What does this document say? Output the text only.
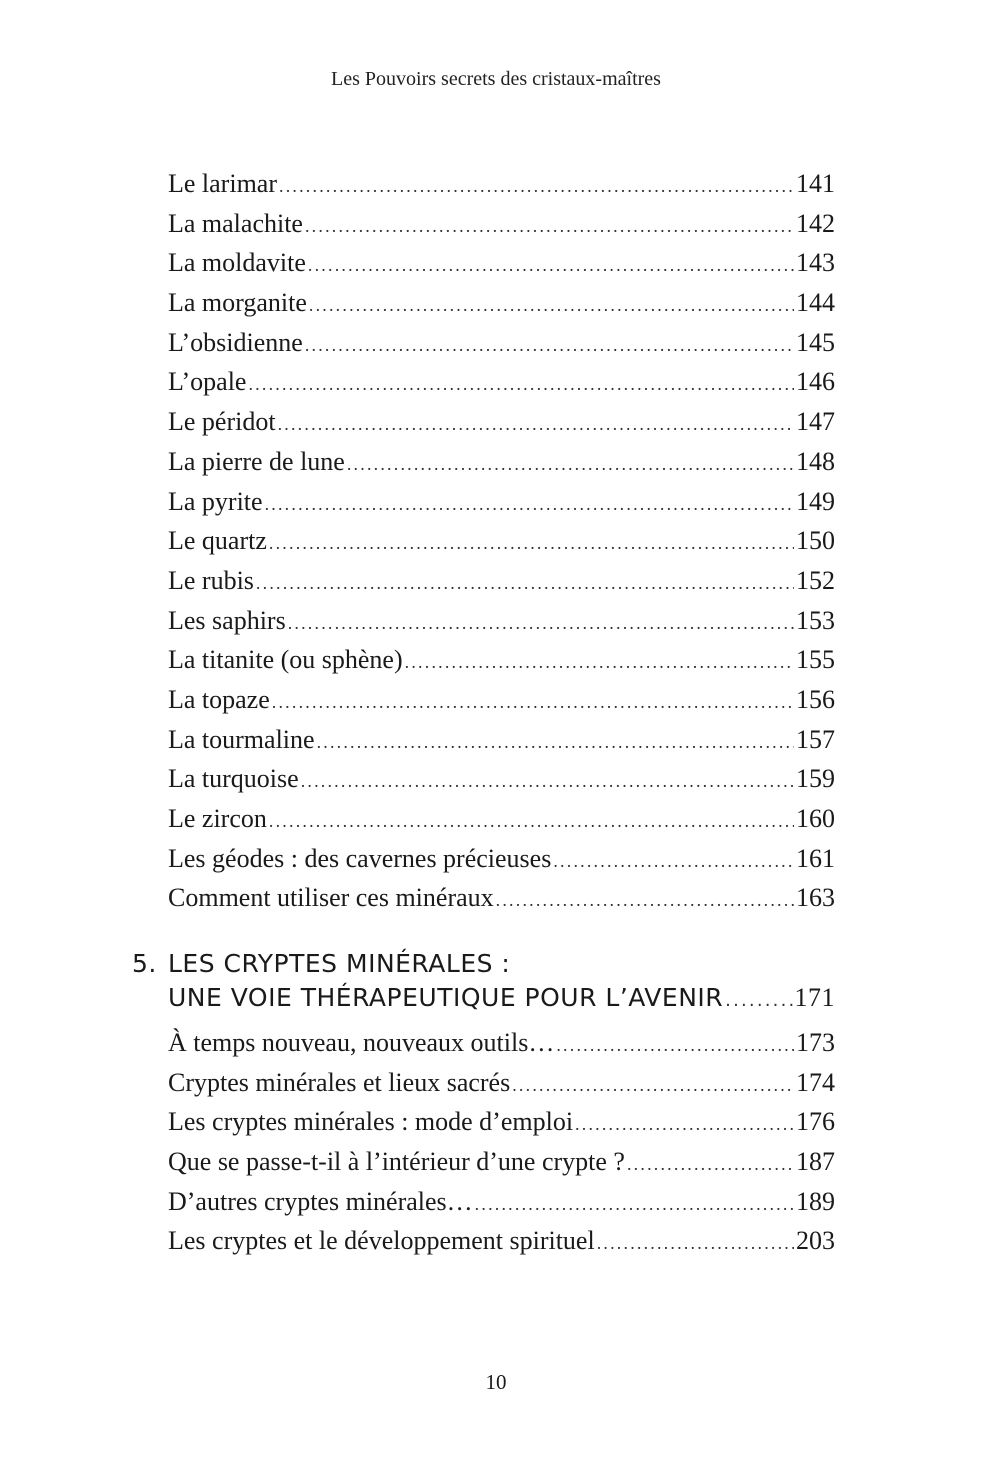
Les Pouvoirs secrets des cristaux-maîtres
Le larimar .....	141
La malachite .....	142
La moldavite .....	143
La morganite .....	144
L’obsidienne .....	145
L’opale .....	146
Le péridot .....	147
La pierre de lune .....	148
La pyrite .....	149
Le quartz .....	150
Le rubis .....	152
Les saphirs .....	153
La titanite (ou sphène) .....	155
La topaze .....	156
La tourmaline .....	157
La turquoise .....	159
Le zircon .....	160
Les géodes : des cavernes précieuses .....	161
Comment utiliser ces minéraux .....	163
5. LES CRYPTES MINÉRALES :
UNE VOIE THÉRAPEUTIQUE POUR L’AVENIR .....	171
À temps nouveau, nouveaux outils… .....	173
Cryptes minérales et lieux sacrés .....	174
Les cryptes minérales : mode d’emploi .....	176
Que se passe-t-il à l’intérieur d’une crypte ? .....	187
D’autres cryptes minérales… .....	189
Les cryptes et le développement spirituel .....	203
10
